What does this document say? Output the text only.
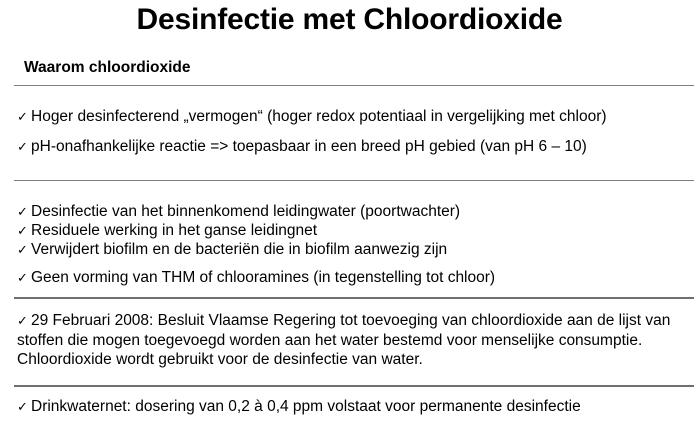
Desinfectie met Chloordioxide
Waarom chloordioxide
✓ Hoger desinfecterend „vermogen“ (hoger redox potentiaal in vergelijking met chloor)
✓ pH-onafhankelijke reactie => toepasbaar in een breed pH gebied (van pH 6 – 10)
✓ Desinfectie van het binnenkomend leidingwater (poortwachter)
✓ Residuele werking in het ganse leidingnet
✓ Verwijdert biofilm en de bacteriën die in biofilm aanwezig zijn
✓ Geen vorming van THM of chlooramines (in tegenstelling tot chloor)
✓ 29 Februari 2008: Besluit Vlaamse Regering tot toevoeging van chloordioxide aan de lijst van stoffen die mogen toegevoegd worden aan het water bestemd voor menselijke consumptie. Chloordioxide wordt gebruikt voor de desinfectie van water.
✓ Drinkwaternet: dosering van 0,2 à 0,4 ppm volstaat voor permanente desinfectie
